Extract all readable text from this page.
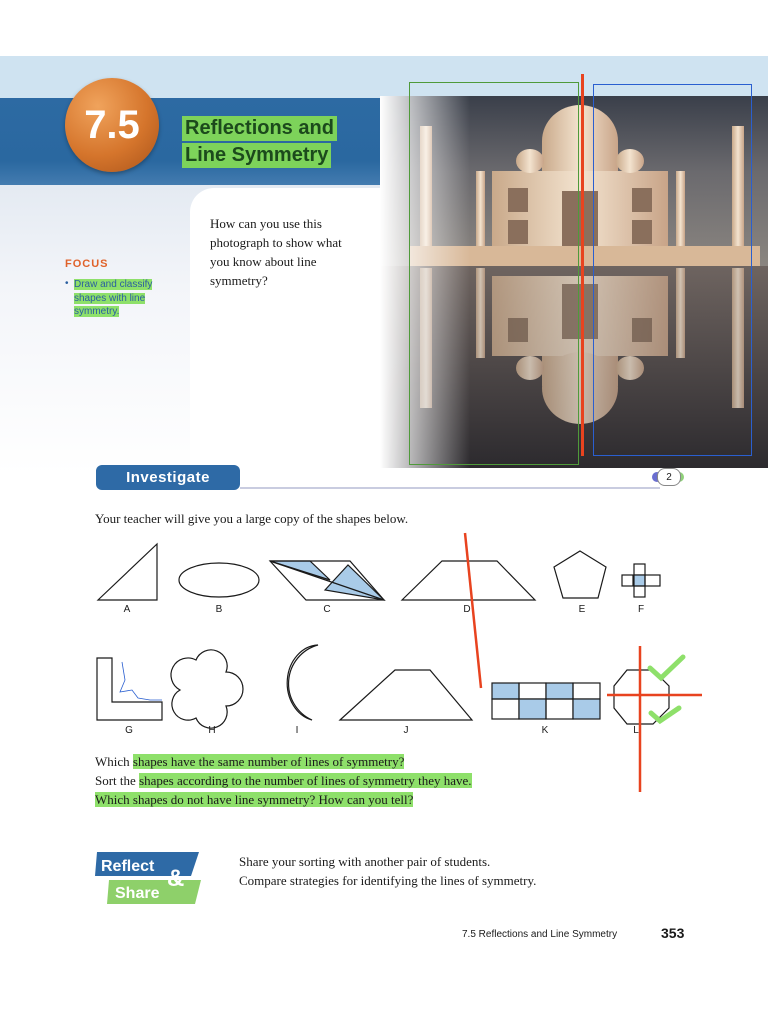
7.5	Reflections and
Line Symmetry
FOCUS
• Draw and classify shapes with line symmetry.
How can you use this photograph to show what you know about line symmetry?
Investigate	2
Your teacher will give you a large copy of the shapes below.
A	B	C	D	E	F
G	H	I	J	K	L
Which shapes have the same number of lines of symmetry?
Sort the shapes according to the number of lines of symmetry they have.
Which shapes do not have line symmetry? How can you tell?
Reflect
Share
&
Share your sorting with another pair of students.
Compare strategies for identifying the lines of symmetry.
7.5 Reflections and Line Symmetry	353
